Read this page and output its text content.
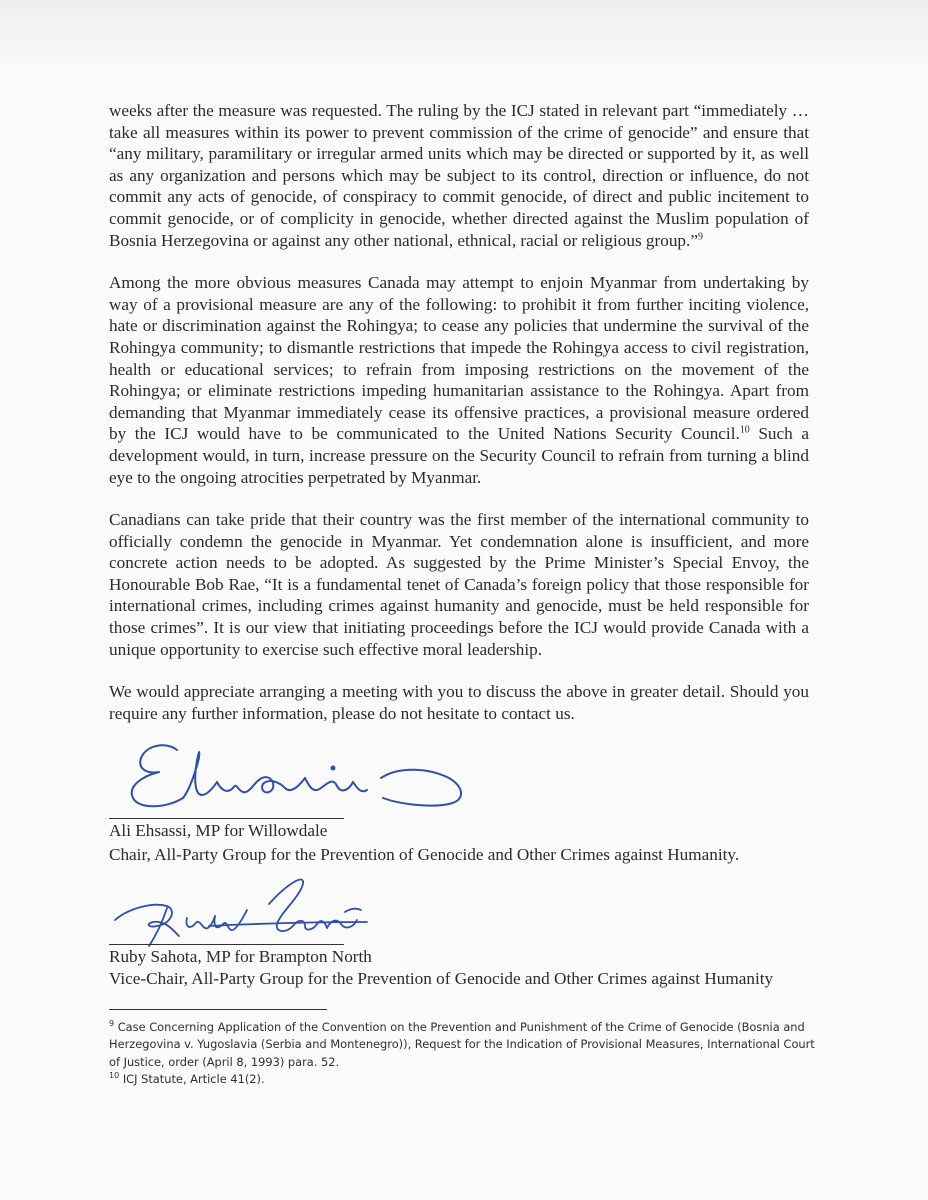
weeks after the measure was requested. The ruling by the ICJ stated in relevant part “immediately … take all measures within its power to prevent commission of the crime of genocide” and ensure that “any military, paramilitary or irregular armed units which may be directed or supported by it, as well as any organization and persons which may be subject to its control, direction or influence, do not commit any acts of genocide, of conspiracy to commit genocide, of direct and public incitement to commit genocide, or of complicity in genocide, whether directed against the Muslim population of Bosnia Herzegovina or against any other national, ethnical, racial or religious group.”$^9$

Among the more obvious measures Canada may attempt to enjoin Myanmar from undertaking by way of a provisional measure are any of the following: to prohibit it from further inciting violence, hate or discrimination against the Rohingya; to cease any policies that undermine the survival of the Rohingya community; to dismantle restrictions that impede the Rohingya access to civil registration, health or educational services; to refrain from imposing restrictions on the movement of the Rohingya; or eliminate restrictions impeding humanitarian assistance to the Rohingya. Apart from demanding that Myanmar immediately cease its offensive practices, a provisional measure ordered by the ICJ would have to be communicated to the United Nations Security Council.$^{10}$ Such a development would, in turn, increase pressure on the Security Council to refrain from turning a blind eye to the ongoing atrocities perpetrated by Myanmar.

Canadians can take pride that their country was the first member of the international community to officially condemn the genocide in Myanmar. Yet condemnation alone is insufficient, and more concrete action needs to be adopted. As suggested by the Prime Minister’s Special Envoy, the Honourable Bob Rae, “It is a fundamental tenet of Canada’s foreign policy that those responsible for international crimes, including crimes against humanity and genocide, must be held responsible for those crimes”. It is our view that initiating proceedings before the ICJ would provide Canada with a unique opportunity to exercise such effective moral leadership.

We would appreciate arranging a meeting with you to discuss the above in greater detail. Should you require any further information, please do not hesitate to contact us.

Ali Ehsassi, MP for Willowdale

Chair, All-Party Group for the Prevention of Genocide and Other Crimes against Humanity.

Ruby Sahota, MP for Brampton North

Vice-Chair, All-Party Group for the Prevention of Genocide and Other Crimes against Humanity

$^9$ Case Concerning Application of the Convention on the Prevention and Punishment of the Crime of Genocide (Bosnia and Herzegovina v. Yugoslavia (Serbia and Montenegro)), Request for the Indication of Provisional Measures, International Court of Justice, order (April 8, 1993) para. 52.

$^{10}$ ICJ Statute, Article 41(2).
